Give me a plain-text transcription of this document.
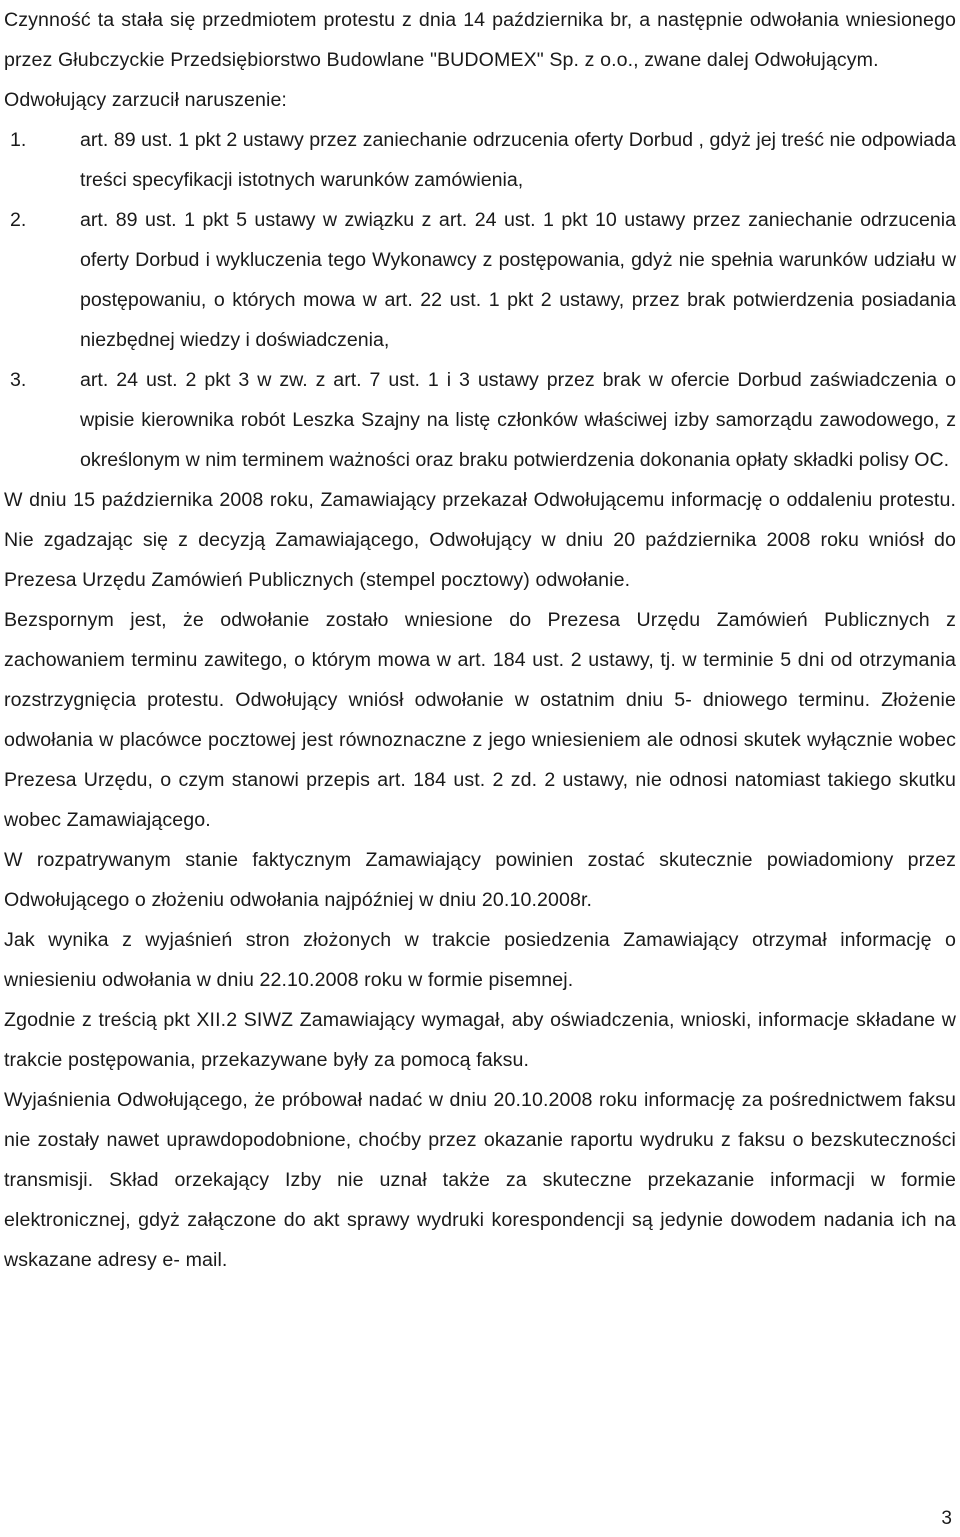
Czynność ta stała się przedmiotem protestu z dnia 14 października br, a następnie odwołania wniesionego przez Głubczyckie Przedsiębiorstwo Budowlane "BUDOMEX" Sp. z o.o., zwane dalej Odwołującym.

Odwołujący zarzucił naruszenie:

1.	art. 89 ust. 1 pkt 2 ustawy przez zaniechanie odrzucenia oferty Dorbud , gdyż jej treść nie odpowiada treści specyfikacji istotnych warunków zamówienia,
2.	art. 89 ust. 1 pkt 5 ustawy w związku z art. 24 ust. 1 pkt 10 ustawy przez zaniechanie odrzucenia oferty Dorbud i wykluczenia tego Wykonawcy z postępowania, gdyż nie spełnia warunków udziału w postępowaniu, o których mowa w art. 22 ust. 1 pkt 2 ustawy, przez brak potwierdzenia posiadania niezbędnej wiedzy i doświadczenia,
3.	art. 24 ust. 2 pkt 3 w zw. z art. 7 ust. 1 i 3 ustawy przez brak w ofercie Dorbud zaświadczenia o wpisie kierownika robót Leszka Szajny na listę członków właściwej izby samorządu zawodowego, z określonym w nim terminem ważności oraz braku potwierdzenia dokonania opłaty składki polisy OC.

W dniu 15 października 2008 roku, Zamawiający przekazał Odwołującemu informację o oddaleniu protestu. Nie zgadzając się z decyzją Zamawiającego, Odwołujący w dniu 20 października 2008 roku wniósł do Prezesa Urzędu Zamówień Publicznych (stempel pocztowy) odwołanie.

Bezspornym jest, że odwołanie zostało wniesione do Prezesa Urzędu Zamówień Publicznych z zachowaniem terminu zawitego, o którym mowa w art. 184 ust. 2 ustawy, tj. w terminie 5 dni od otrzymania rozstrzygnięcia protestu. Odwołujący wniósł odwołanie w ostatnim dniu 5- dniowego terminu. Złożenie odwołania w placówce pocztowej jest równoznaczne z jego wniesieniem ale odnosi skutek wyłącznie wobec Prezesa Urzędu, o czym stanowi przepis art. 184 ust. 2 zd. 2 ustawy, nie odnosi natomiast takiego skutku wobec Zamawiającego.

W rozpatrywanym stanie faktycznym Zamawiający powinien zostać skutecznie powiadomiony przez Odwołującego o złożeniu odwołania najpóźniej w dniu 20.10.2008r.

Jak wynika z wyjaśnień stron złożonych w trakcie posiedzenia Zamawiający otrzymał informację o wniesieniu odwołania w dniu 22.10.2008 roku w formie pisemnej.

Zgodnie z treścią pkt XII.2 SIWZ Zamawiający wymagał, aby oświadczenia, wnioski, informacje składane w trakcie postępowania, przekazywane były za pomocą faksu.

Wyjaśnienia Odwołującego, że próbował nadać w dniu 20.10.2008 roku informację za pośrednictwem faksu nie zostały nawet uprawdopodobnione, choćby przez okazanie raportu wydruku z faksu o bezskuteczności transmisji. Skład orzekający Izby nie uznał także za skuteczne przekazanie informacji w formie elektronicznej, gdyż załączone do akt sprawy wydruki korespondencji są jedynie dowodem nadania ich na wskazane adresy e- mail.

3
